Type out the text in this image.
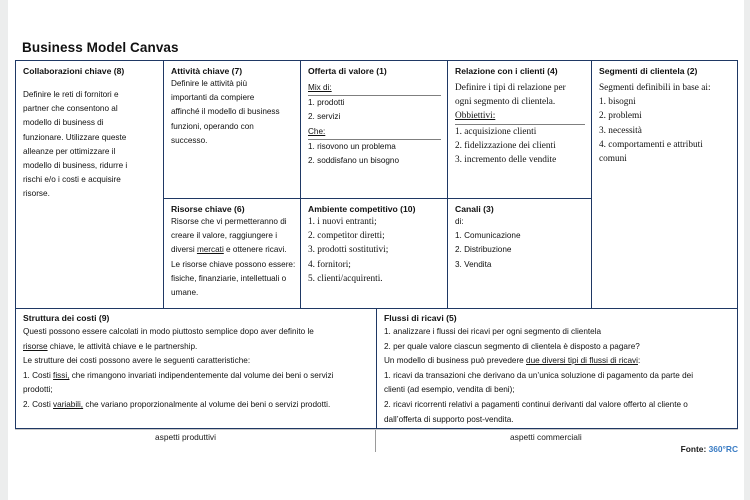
Business Model Canvas
Collaborazioni chiave (8)
Definire le reti di fornitori e
partner che consentono al
modello di business di
funzionare. Utilizzare queste
alleanze per ottimizzare il
modello di business, ridurre i
rischi e/o i costi e acquisire
risorse.
Attività chiave (7)
Definire le attività più
importanti da compiere
affinché il modello di business
funzioni, operando con
successo.
Risorse chiave (6)
Risorse che vi permetteranno di
creare il valore, raggiungere i
diversi mercati e ottenere ricavi.
Le risorse chiave possono essere:
fisiche, finanziarie, intellettuali o
umane.
Offerta di valore (1)
Mix di:
1. prodotti
2. servizi
Che:
1. risovono un problema
2. soddisfano un bisogno
Ambiente competitivo (10)
1. i nuovi entranti;
2. competitor diretti;
3. prodotti sostitutivi;
4. fornitori;
5. clienti/acquirenti.
Relazione con i clienti (4)
Definire i tipi di relazione per
ogni segmento di clientela.
Obbiettivi:
1. acquisizione clienti
2. fidelizzazione dei clienti
3. incremento delle vendite
Canali (3)
di:
1. Comunicazione
2. Distribuzione
3. Vendita
Segmenti di clientela (2)
Segmenti definibili in base ai:
1. bisogni
2. problemi
3. necessità
4. comportamenti e attributi
comuni
Struttura dei costi (9)
Questi possono essere calcolati in modo piuttosto semplice dopo aver definito le
risorse chiave, le attività chiave e le partnership.
Le strutture dei costi possono avere le seguenti caratteristiche:
1. Costi fissi, che rimangono invariati indipendentemente dal volume dei beni o servizi
prodotti;
2. Costi variabili, che variano proporzionalmente al volume dei beni o servizi prodotti.
Flussi di ricavi (5)
1. analizzare i flussi dei ricavi per ogni segmento di clientela
2. per quale valore ciascun segmento di clientela è disposto a pagare?
Un modello di business può prevedere due diversi tipi di flussi di ricavi:
1. ricavi da transazioni che derivano da un’unica soluzione di pagamento da parte dei
clienti (ad esempio, vendita di beni);
2. ricavi ricorrenti relativi a pagamenti continui derivanti dal valore offerto al cliente o
dall’offerta di supporto post-vendita.
aspetti produttivi	aspetti commerciali
Fonte: 360°RC
